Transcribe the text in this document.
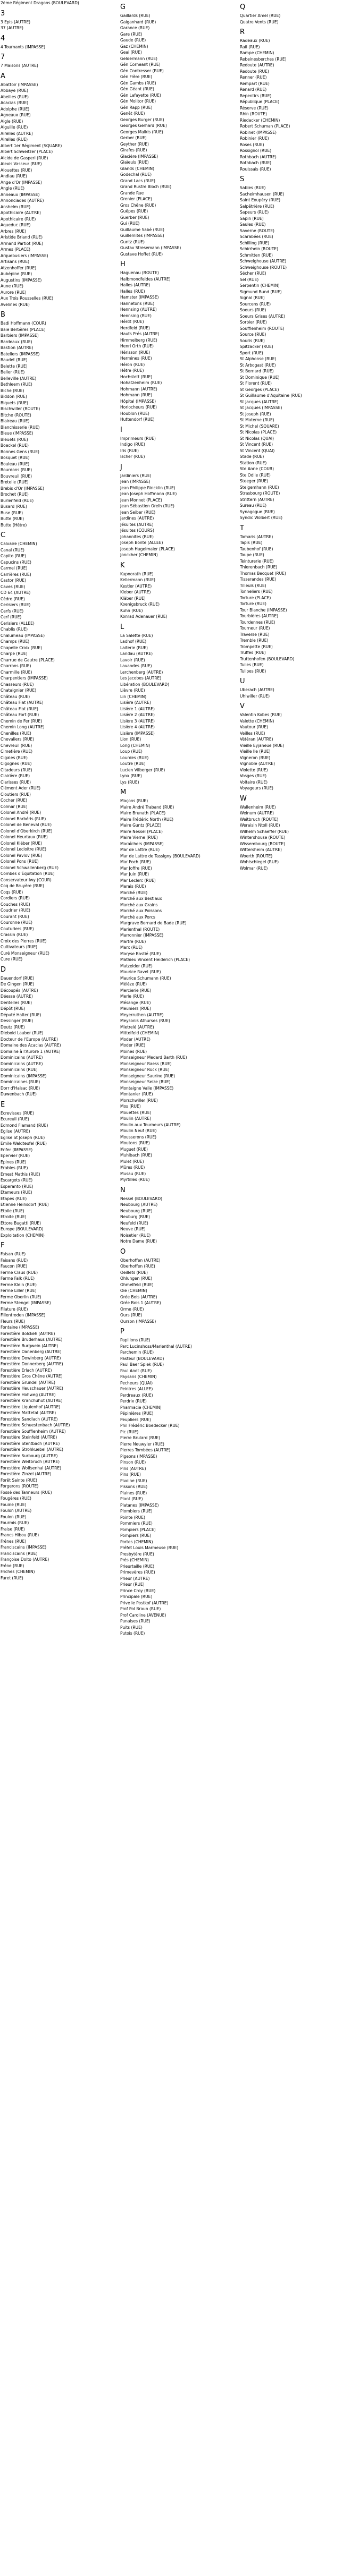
2ème Régiment Dragons (BOULEVARD)
3
3 Epis (AUTRE)
37 (AUTRE)
4
4 Tournants (IMPASSE)
7
7 Maisons (AUTRE)
A
Abattoir (IMPASSE)
Abbaye (RUE)
Abeilles (RUE)
Acacias (RUE)
Adolphe (RUE)
Agneaux (RUE)
Aigle (RUE)
Aiguille (RUE)
Airelles (AUTRE)
Airelles (RUE)
Albert 1er Régiment (SQUARE)
Albert Schweitzer (PLACE)
Alcide de Gasperi (RUE)
Alexis Vasseur (RUE)
Alouettes (RUE)
Andlau (RUE)
Ange d'Or (IMPASSE)
Angle (RUE)
Anneaux (IMPASSE)
Annonciades (AUTRE)
Anshelm (RUE)
Apothicaire (AUTRE)
Apothicaire (RUE)
Aqueduc (RUE)
Arbres (RUE)
Aristide Briand (RUE)
Armand Partiot (RUE)
Armes (PLACE)
Arquebusiers (IMPASSE)
Artisans (RUE)
Atzenhoffer (RUE)
Aubépine (RUE)
Augustins (IMPASSE)
Aune (RUE)
Aurore (RUE)
Aux Trois Rousselles (RUE)
Avelines (RUE)
B
Badi Hoffmann (COUR)
Baie Berbères (PLACE)
Barbiers (IMPASSE)
Bardeaux (RUE)
Bastion (AUTRE)
Bateliers (IMPASSE)
Baudet (RUE)
Belette (RUE)
Belier (RUE)
Belleville (AUTRE)
Bethleem (RUE)
Biche (RUE)
Biddon (RUE)
Biquets (RUE)
Bischwiller (ROUTE)
Bitche (ROUTE)
Blaireau (RUE)
Blanchisserie (RUE)
Bleue (IMPASSE)
Bleuets (RUE)
Boeckel (RUE)
Bonnes Gens (RUE)
Bosquet (RUE)
Bouleau (RUE)
Bourdons (RUE)
Bouvreuil (RUE)
Bretelle (RUE)
Brebis d'Or (IMPASSE)
Brochet (RUE)
Burlenfeld (RUE)
Busard (RUE)
Buse (RUE)
Butte (RUE)
Butte (Hêtre)
C
Calvaire (CHEMIN)
Canal (RUE)
Capito (RUE)
Capucins (RUE)
Carmel (RUE)
Carrières (RUE)
Castor (RUE)
Caves (RUE)
CD 64 (AUTRE)
Cèdre (RUE)
Cerisiers (RUE)
Cerfs (RUE)
Cerf (RUE)
Cerisiers (ALLEE)
Chablis (RUE)
Chalumeau (IMPASSE)
Champs (RUE)
Chapelle Croix (RUE)
Charpe (RUE)
Charrue de Gautre (PLACE)
Charrons (RUE)
Charmille (RUE)
Charpentiers (IMPASSE)
Chasseurs (RUE)
Chataignier (RUE)
Château (RUE)
Château Fiat (AUTRE)
Château Fiat (RUE)
Château Fort (RUE)
Chemin de Fer (RUE)
Chemin Long (AUTRE)
Chenilles (RUE)
Chevaliers (RUE)
Chevreuil (RUE)
Cimetière (RUE)
Cigales (RUE)
Cigognes (RUE)
Citadeurs (RUE)
Clairière (RUE)
Clarisses (RUE)
Clément Ader (RUE)
Cloutiers (RUE)
Cocher (RUE)
Colmar (RUE)
Colonel André (RUE)
Colonel Barbéris (RUE)
Colonel de Beneval (RUE)
Colonel d'Oberkirch (RUE)
Colonel Heurtaux (RUE)
Colonel Kléber (RUE)
Colonel Lecloitre (RUE)
Colonel Pavlov (RUE)
Colonel Pons (RUE)
Colonel Schwallenberg (RUE)
Combes d'Équitation (RUE)
Conservateur Iwy (COUR)
Coq de Bruyère (RUE)
Coqs (RUE)
Cordiers (RUE)
Couches (RUE)
Coudrier (RUE)
Courant (RUE)
Couronne (RUE)
Couturiers (RUE)
Crassin (RUE)
Croix des Pierres (RUE)
Cultivateurs (RUE)
Curé Monseigneur (RUE)
Cure (RUE)
D
Dauendorf (RUE)
De Gingen (RUE)
Découpés (AUTRE)
Déesse (AUTRE)
Dentelles (RUE)
Dépôt (RUE)
Député Halter (RUE)
Dessinger (RUE)
Deutz (RUE)
Diebold Lauber (RUE)
Docteur de l'Europe (AUTRE)
Domaine des Acacias (AUTRE)
Domaine à l'Aurore 1 (AUTRE)
Dominicains (AUTRE)
Dominicains (AUTRE)
Dominicains (RUE)
Dominicains (IMPASSE)
Dominicaines (RUE)
Dorr d'Halsac (RUE)
Duwenbach (RUE)
E
Ecrevisses (RUE)
Ecureuil (RUE)
Edmond Flamand (RUE)
Eglise (AUTRE)
Eglise St Joseph (RUE)
Emile Waldteufel (RUE)
Enfer (IMPASSE)
Epervier (RUE)
Epines (RUE)
Erables (RUE)
Ernest Mathis (RUE)
Escargots (RUE)
Esperanto (RUE)
Etameurs (RUE)
Etapes (RUE)
Etienne Heinsdorf (RUE)
Etoile (RUE)
Etroite (RUE)
Ettore Bugatti (RUE)
Europe (BOULEVARD)
Exploitation (CHEMIN)
F
Faisan (RUE)
Faisans (RUE)
Faucon (RUE)
Ferme Claus (RUE)
Ferme Falk (RUE)
Ferme Klein (RUE)
Ferme Liller (RUE)
Ferme Oberlin (RUE)
Ferme Stengel (IMPASSE)
Filature (RUE)
Fillentroden (IMPASSE)
Fleurs (RUE)
Fontaine (IMPASSE)
Forestière Bolckeh (AUTRE)
Forestière Bruderhaus (AUTRE)
Forestière Burgwein (AUTRE)
Forestière Danenberg (AUTRE)
Forestière Dowinberg (AUTRE)
Forestière Donnerberg (AUTRE)
Forestière Erlach (AUTRE)
Forestière Gros Chêne (AUTRE)
Forestière Grundel (AUTRE)
Forestière Heuschauer (AUTRE)
Forestière Hohweg (AUTRE)
Forestière Kranchuhut (AUTRE)
Forestière Liquienhof (AUTRE)
Forestière Mattetal (AUTRE)
Forestière Sandlach (AUTRE)
Forestière Schuestenbach (AUTRE)
Forestière Soufflenheim (AUTRE)
Forestière Steinfeld (AUTRE)
Forestière Stentbach (AUTRE)
Forestière Strohkuebel (AUTRE)
Forestière Surbourg (AUTRE)
Forestière Weitbruch (AUTRE)
Forestière Wolfsenhal (AUTRE)
Forestière Zinzel (AUTRE)
Forêt Sainte (RUE)
Forgerons (ROUTE)
Fossé des Tanneurs (RUE)
Fougères (RUE)
Fouine (RUE)
Foulon (AUTRE)
Foulon (RUE)
Fourmis (RUE)
Fraise (RUE)
Francs Hibou (RUE)
Frênes (RUE)
Franciscains (IMPASSE)
Franciscains (RUE)
Françoise Dolto (AUTRE)
Frêne (RUE)
Friches (CHEMIN)
Furet (RUE)
G
Gaillards (RUE)
Gaiganhard (RUE)
Garance (RUE)
Gare (RUE)
Gaude (RUE)
Gaz (CHEMIN)
Geai (RUE)
Geldermann (RUE)
Gén Corneant (RUE)
Gén Contresser (RUE)
Gén Frère (RUE)
Gén Gambs (RUE)
Gén Géant (RUE)
Gén Lafayette (RUE)
Gén Molitor (RUE)
Gén Rapp (RUE)
Genêt (RUE)
Georges Burger (RUE)
Georges Gerhard (RUE)
Georges Malkis (RUE)
Gerber (RUE)
Geyther (RUE)
Girafes (RUE)
Glacière (IMPASSE)
Glaïeuls (RUE)
Glands (CHEMIN)
Godechal (RUE)
Grand Lacs (RUE)
Grand Rustre Bloch (RUE)
Grande Rue
Grenier (PLACE)
Gros Chêne (RUE)
Guêpes (RUE)
Guerber (RUE)
Gui (RUE)
Guillaume Sabé (RUE)
Guillemites (IMPASSE)
Guntz (RUE)
Gustav Stresemann (IMPASSE)
Gustave Hoffet (RUE)
H
Haguenau (ROUTE)
Halbmondfeldes (AUTRE)
Halles (AUTRE)
Halles (RUE)
Hamster (IMPASSE)
Hannetons (RUE)
Hennsing (AUTRE)
Hennsing (RUE)
Hérdt (RUE)
Herdfeld (RUE)
Hauts Prés (AUTRE)
Himmelberg (RUE)
Henri Orth (RUE)
Hérisson (RUE)
Hermines (RUE)
Héron (RUE)
Hêtre (RUE)
Hochstett (RUE)
Hohatzenheim (RUE)
Hohmann (AUTRE)
Hohmann (RUE)
Hôpital (IMPASSE)
Horlocheurs (RUE)
Houblon (RUE)
Huttendorf (RUE)
I
Imprimeurs (RUE)
Indigo (RUE)
Iris (RUE)
Ischer (RUE)
J
Jardiniers (RUE)
Jean (IMPASSE)
Jean Philippe Rincklin (RUE)
Jean Joseph Hoffmann (RUE)
Jean Monnet (PLACE)
Jean Sébastien Orelh (RUE)
Jean Seiber (RUE)
Jardines (AUTRE)
Jésuites (AUTRE)
Jésuites (COURS)
Johannites (RUE)
Joseph Bonte (ALLEE)
Joseph Hugelmaier (PLACE)
Jonckher (CHEMIN)
K
Kapnorath (RUE)
Kellermann (RUE)
Kestler (AUTRE)
Kleber (AUTRE)
Kläber (RUE)
Koenigsbruck (RUE)
Kuhn (RUE)
Konrad Adenauer (RUE)
L
La Salette (RUE)
Ladhof (RUE)
Laiterie (RUE)
Landau (AUTRE)
Lavoir (RUE)
Lavandes (RUE)
Lerchenberg (AUTRE)
Les Jacobes (AUTRE)
Libération (BOULEVARD)
Lièvre (RUE)
Lin (CHEMIN)
Lisière (AUTRE)
Lisière 1 (AUTRE)
Lisière 2 (AUTRE)
Lisière 3 (AUTRE)
Lisière 4 (AUTRE)
Lisière (IMPASSE)
Lion (RUE)
Long (CHEMIN)
Loup (RUE)
Lourdes (RUE)
Loutre (RUE)
Lucien Vilberger (RUE)
Lynx (RUE)
Lys (RUE)
M
Maçons (RUE)
Maire André Traband (RUE)
Maire Brunath (PLACE)
Maire Frédéric North (RUE)
Maire Guntz (PLACE)
Maire Nessel (PLACE)
Maire Vierne (RUE)
Maraîchers (IMPASSE)
Mar de Lattre (RUE)
Mar de Lattre de Tassigny (BOULEVARD)
Mar Foch (RUE)
Mar Joffre (RUE)
Mar Juin (RUE)
Mar Leclerc (RUE)
Marais (RUE)
Marché (RUE)
Marché aux Bestiaux
Marché aux Grains
Marché aux Poissons
Marché aux Porcs
Margrave Bernard de Bade (RUE)
Marienthal (ROUTE)
Marronnier (IMPASSE)
Martre (RUE)
Marx (RUE)
Maryse Bastié (RUE)
Mathieu Vincent Heiderich (PLACE)
Matzeider (RUE)
Maurice Ravel (RUE)
Maurice Schumann (RUE)
Mélèze (RUE)
Mercierie (RUE)
Merle (RUE)
Mésange (RUE)
Meuniers (RUE)
Meyerruthen (AUTRE)
Meysonis Athurses (RUE)
Mietrelé (AUTRE)
Mittelfeld (CHEMIN)
Moder (AUTRE)
Moder (RUE)
Moines (RUE)
Monseigneur Medard Barth (RUE)
Monseigneur Raess (RUE)
Monseigneur Rück (RUE)
Monseigneur Saurine (RUE)
Monseigneur Seize (RUE)
Montaigne Valle (IMPASSE)
Montanier (RUE)
Morschwiller (RUE)
Mos (RUE)
Mouettes (RUE)
Moulin (AUTRE)
Moulin aux Tourneurs (AUTRE)
Moulin Neuf (RUE)
Mousserons (RUE)
Moutons (RUE)
Muguet (RUE)
Muhlbach (RUE)
Mulet (RUE)
Mûres (RUE)
Musau (RUE)
Myrtilles (RUE)
N
Nessel (BOULEVARD)
Neubourg (AUTRE)
Neubourg (RUE)
Neuburg (RUE)
Neufeld (RUE)
Neuve (RUE)
Noisetier (RUE)
Notre Dame (RUE)
O
Oberhoffen (AUTRE)
Oberhoffen (RUE)
Oeillets (RUE)
Ohlungen (RUE)
Ohmelfeld (RUE)
Oie (CHEMIN)
Orée Bois (AUTRE)
Orée Bois 1 (AUTRE)
Orme (RUE)
Ours (RUE)
Ourson (IMPASSE)
P
Papillons (RUE)
Parc Lucinshoss/Marienthal (AUTRE)
Parchemin (RUE)
Pasteur (BOULEVARD)
Paul Baer Spiek (RUE)
Paul Andt (RUE)
Paysans (CHEMIN)
Pecheurs (QUAI)
Peintres (ALLEE)
Perdreaux (RUE)
Perdrix (RUE)
Pharmacie (CHEMIN)
Pépinières (RUE)
Peupliers (RUE)
Phil Frédéric Boedecker (RUE)
Pic (RUE)
Pierre Brulard (RUE)
Pierre Neuwyler (RUE)
Pierres Tombées (AUTRE)
Pigeons (IMPASSE)
Pinson (RUE)
Pins (AUTRE)
Pins (RUE)
Pivoine (RUE)
Pissons (RUE)
Plaines (RUE)
Plant (RUE)
Platanes (IMPASSE)
Plombiers (RUE)
Pointe (RUE)
Pommiers (RUE)
Pompiers (PLACE)
Pompiers (RUE)
Portes (CHEMIN)
Préfet Louis Marmeuse (RUE)
Presbytère (RUE)
Prés (CHEMIN)
Prieurtaille (RUE)
Primevères (RUE)
Prieur (AUTRE)
Prieur (RUE)
Prince Croy (RUE)
Principale (RUE)
Prive le Postkof (AUTRE)
Prof Pol Braun (RUE)
Prof Caroline (AVENUE)
Punaises (RUE)
Puits (RUE)
Putois (RUE)
Q
Quartier Amel (RUE)
Quatre Vents (RUE)
R
Radeaux (RUE)
Rail (RUE)
Rampe (CHEMIN)
Rebeinesberches (RUE)
Redoute (AUTRE)
Redoute (RUE)
Renner (RUE)
Rempart (RUE)
Renard (RUE)
Repentirs (RUE)
République (PLACE)
Réserve (RUE)
Rhin (ROUTE)
Riedacker (CHEMIN)
Robert Schuman (PLACE)
Robinet (IMPASSE)
Robinier (RUE)
Roses (RUE)
Rossignol (RUE)
Rothbach (AUTRE)
Rothbach (RUE)
Rouissais (RUE)
S
Sables (RUE)
Sacheimhausen (RUE)
Saint Exupéry (RUE)
Salpêtrière (RUE)
Sapeurs (RUE)
Sapin (RUE)
Saules (RUE)
Saverne (ROUTE)
Scarabées (RUE)
Schilling (RUE)
Schirrhein (ROUTE)
Schmitten (RUE)
Schweighouse (AUTRE)
Schweighouse (ROUTE)
Sécher (RUE)
Sel (RUE)
Serpentin (CHEMIN)
Sigmund Bund (RUE)
Signal (RUE)
Sourcens (RUE)
Soeurs (RUE)
Soeurs Grises (AUTRE)
Sorbier (RUE)
Soufflenheim (ROUTE)
Source (RUE)
Souris (RUE)
Spitzacker (RUE)
Sport (RUE)
St Alphonse (RUE)
St Arbogast (RUE)
St Bernard (RUE)
St Dominique (RUE)
St Florent (RUE)
St Georges (PLACE)
St Guillaume d'Aquitaine (RUE)
St Jacques (AUTRE)
St Jacques (IMPASSE)
St Joseph (RUE)
St Materne (RUE)
St Michel (SQUARE)
St Nicolas (PLACE)
St Nicolas (QUAI)
St Vincent (RUE)
St Vincent (QUAI)
Stade (RUE)
Station (RUE)
Ste Anne (COUR)
Ste Odile (RUE)
Steeger (RUE)
Steigemhann (RUE)
Strasbourg (ROUTE)
Strittern (AUTRE)
Sureau (RUE)
Synagogue (RUE)
Syndic Wolbert (RUE)
T
Tamaris (AUTRE)
Tapis (RUE)
Taubenhof (RUE)
Taupe (RUE)
Teinturerie (RUE)
Thierenbach (RUE)
Thomas Becquet (RUE)
Tisserandes (RUE)
Tilleuls (RUE)
Tonneliers (RUE)
Torture (PLACE)
Torture (RUE)
Tour Blanche (IMPASSE)
Tourbières (AUTRE)
Tourdennes (RUE)
Tourneur (RUE)
Traverse (RUE)
Tremble (RUE)
Trompette (RUE)
Truffes (RUE)
Truttenhofen (BOULEVARD)
Tuiles (RUE)
Tulipes (RUE)
U
Uberach (AUTRE)
Uhlwiller (RUE)
V
Valentin Kobes (RUE)
Valette (CHEMIN)
Vautour (RUE)
Veilles (RUE)
Vétéran (AUTRE)
Vieille Eyjaneue (RUE)
Vieille Ile (RUE)
Vigneron (RUE)
Vignoble (AUTRE)
Violette (RUE)
Vosges (RUE)
Voltaire (RUE)
Voyageurs (RUE)
W
Wallenheim (RUE)
Weinum (AUTRE)
Weitbruch (ROUTE)
Weraisin Ntoll (RUE)
Wilhelm Schaeffer (RUE)
Wintershouse (ROUTE)
Wissembourg (ROUTE)
Wittersheim (AUTRE)
Woerth (ROUTE)
Wohlschlegel (RUE)
Wolmar (RUE)
